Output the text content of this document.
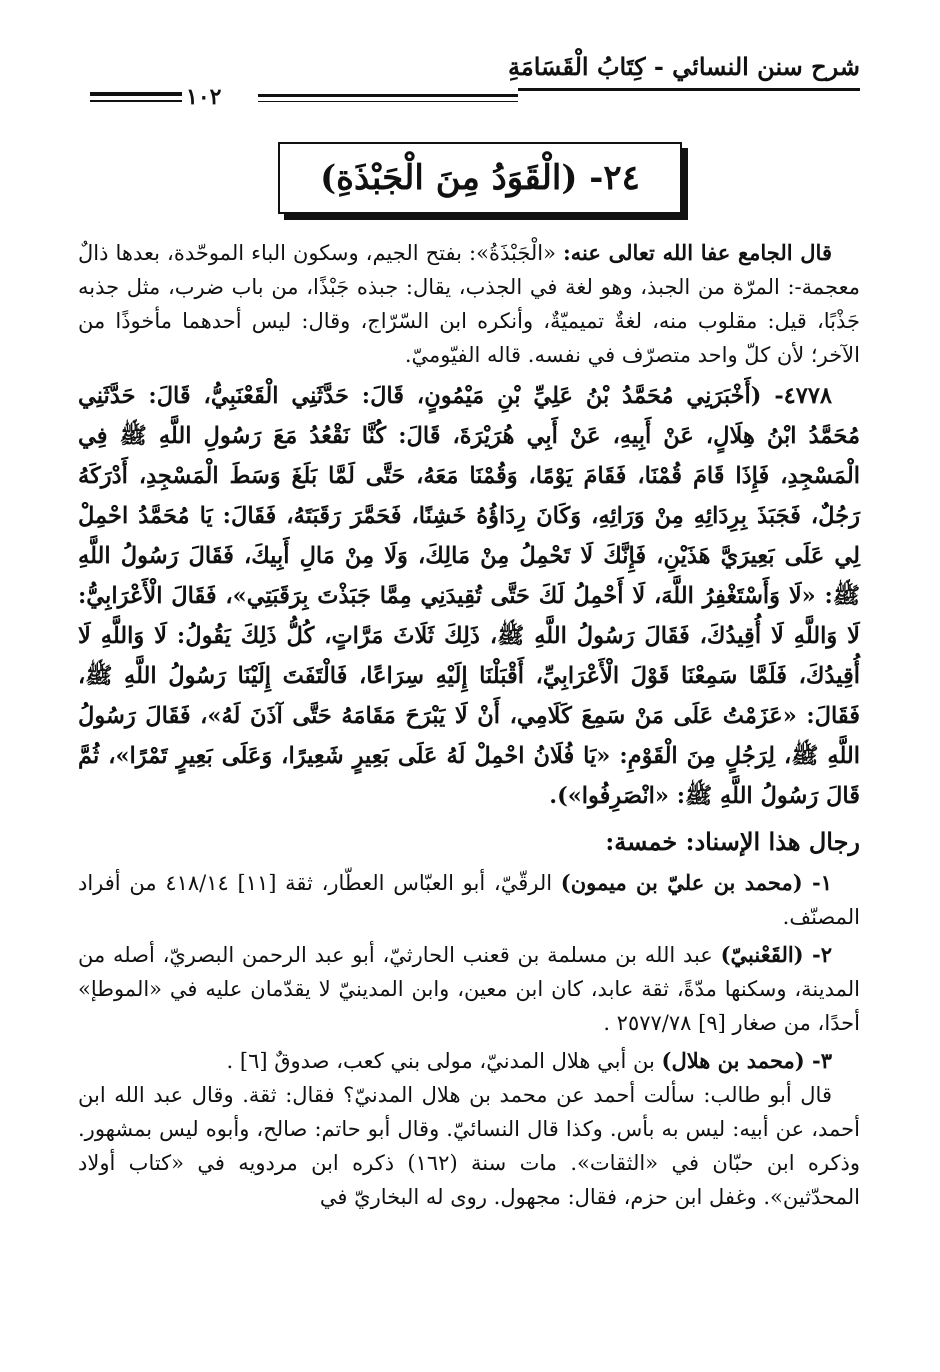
شرح سنن النسائي - كِتَابُ الْقَسَامَةِ
١٠٢
٢٤- (الْقَوَدُ مِنَ الْجَبْذَةِ)

قال الجامع عفا الله تعالى عنه: «الْجَبْذَةُ»: بفتح الجيم، وسكون الباء الموحّدة، بعدها ذالٌ معجمة-: المرّة من الجبذ، وهو لغة في الجذب، يقال: جبذه جَبْذًا، من باب ضرب، مثل جذبه جَذْبًا، قيل: مقلوب منه، لغةٌ تميميّةٌ، وأنكره ابن السّرّاج، وقال: ليس أحدهما مأخوذًا من الآخر؛ لأن كلّ واحد متصرّف في نفسه. قاله الفيّوميّ.

٤٧٧٨- (أَخْبَرَنِي مُحَمَّدُ بْنُ عَلِيِّ بْنِ مَيْمُونٍ، قَالَ: حَدَّثَنِي الْقَعْنَبِيُّ، قَالَ: حَدَّثَنِي مُحَمَّدُ ابْنُ هِلَالٍ، عَنْ أَبِيهِ، عَنْ أَبِي هُرَيْرَةَ، قَالَ: كُنَّا نَقْعُدُ مَعَ رَسُولِ اللَّهِ ﷺ فِي الْمَسْجِدِ، فَإِذَا قَامَ قُمْنَا، فَقَامَ يَوْمًا، وَقُمْنَا مَعَهُ، حَتَّى لَمَّا بَلَغَ وَسَطَ الْمَسْجِدِ، أَدْرَكَهُ رَجُلٌ، فَجَبَذَ بِرِدَائِهِ مِنْ وَرَائِهِ، وَكَانَ رِدَاؤُهُ خَشِنًا، فَحَمَّرَ رَقَبَتَهُ، فَقَالَ: يَا مُحَمَّدُ احْمِلْ لِي عَلَى بَعِيرَيَّ هَذَيْنِ، فَإِنَّكَ لَا تَحْمِلُ مِنْ مَالِكَ، وَلَا مِنْ مَالِ أَبِيكَ، فَقَالَ رَسُولُ اللَّهِ ﷺ: «لَا وَأَسْتَغْفِرُ اللَّهَ، لَا أَحْمِلُ لَكَ حَتَّى تُقِيدَنِي مِمَّا جَبَذْتَ بِرَقَبَتِي»، فَقَالَ الْأَعْرَابِيُّ: لَا وَاللَّهِ لَا أُقِيدُكَ، فَقَالَ رَسُولُ اللَّهِ ﷺ، ذَلِكَ ثَلَاثَ مَرَّاتٍ، كُلُّ ذَلِكَ يَقُولُ: لَا وَاللَّهِ لَا أُقِيدُكَ، فَلَمَّا سَمِعْنَا قَوْلَ الْأَعْرَابِيِّ، أَقْبَلْنَا إِلَيْهِ سِرَاعًا، فَالْتَفَتَ إِلَيْنَا رَسُولُ اللَّهِ ﷺ، فَقَالَ: «عَزَمْتُ عَلَى مَنْ سَمِعَ كَلَامِي، أَنْ لَا يَبْرَحَ مَقَامَهُ حَتَّى آذَنَ لَهُ»، فَقَالَ رَسُولُ اللَّهِ ﷺ، لِرَجُلٍ مِنَ الْقَوْمِ: «يَا فُلَانُ احْمِلْ لَهُ عَلَى بَعِيرٍ شَعِيرًا، وَعَلَى بَعِيرٍ تَمْرًا»، ثُمَّ قَالَ رَسُولُ اللَّهِ ﷺ: «انْصَرِفُوا»).

رجال هذا الإسناد: خمسة:

١- (محمد بن عليّ بن ميمون) الرقّيّ، أبو العبّاس العطّار، ثقة [١١] ٤١٨/١٤ من أفراد المصنّف.

٢- (القَعْنبيّ) عبد الله بن مسلمة بن قعنب الحارثيّ، أبو عبد الرحمن البصريّ، أصله من المدينة، وسكنها مدّةً، ثقة عابد، كان ابن معين، وابن المدينيّ لا يقدّمان عليه في «الموطإ» أحدًا، من صغار [٩] ٢٥٧٧/٧٨ .

٣- (محمد بن هلال) بن أبي هلال المدنيّ، مولى بني كعب، صدوقٌ [٦] .

قال أبو طالب: سألت أحمد عن محمد بن هلال المدنيّ؟ فقال: ثقة. وقال عبد الله ابن أحمد، عن أبيه: ليس به بأس. وكذا قال النسائيّ. وقال أبو حاتم: صالح، وأبوه ليس بمشهور. وذكره ابن حبّان في «الثقات». مات سنة (١٦٢) ذكره ابن مردويه في «كتاب أولاد المحدّثين». وغفل ابن حزم، فقال: مجهول. روى له البخاريّ في
